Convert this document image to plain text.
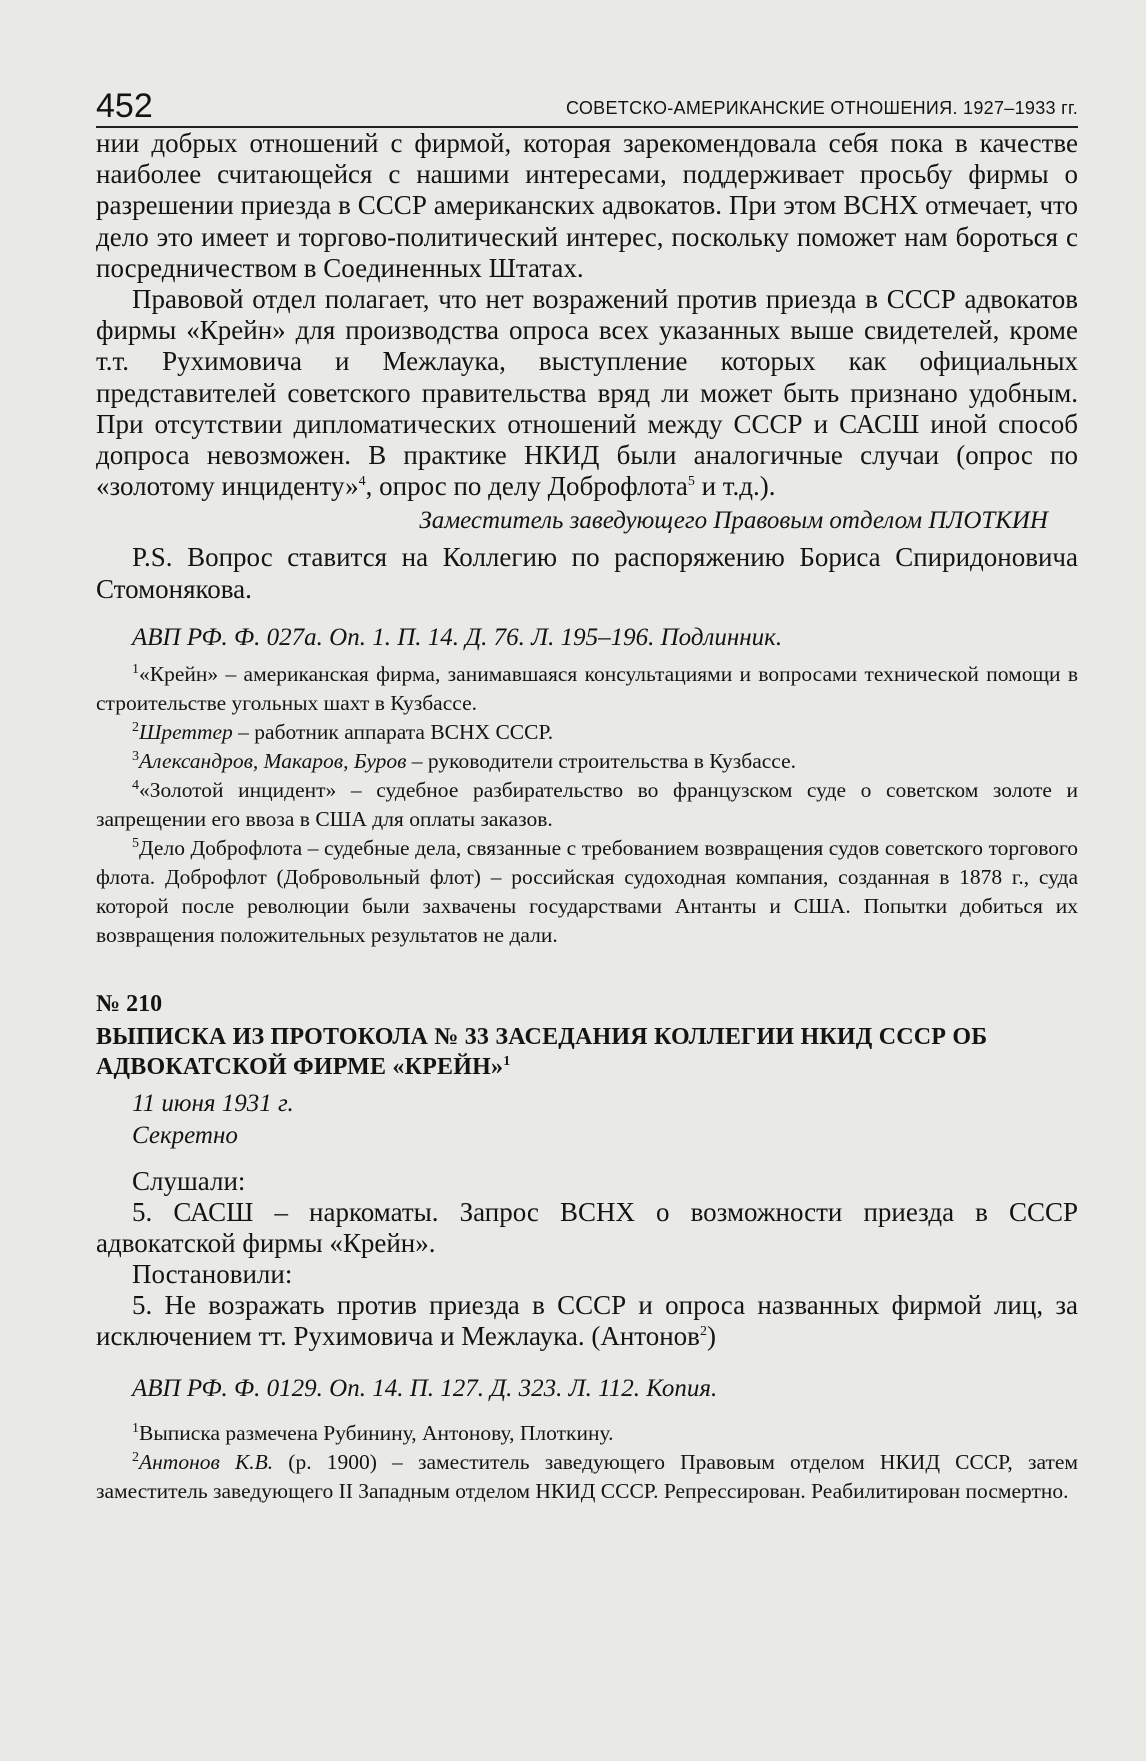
452	СОВЕТСКО-АМЕРИКАНСКИЕ ОТНОШЕНИЯ. 1927–1933 гг.

нии добрых отношений с фирмой, которая зарекомендовала себя пока в качестве наиболее считающейся с нашими интересами, поддерживает просьбу фирмы о разрешении приезда в СССР американских адвокатов. При этом ВСНХ отмечает, что дело это имеет и торгово-политический интерес, поскольку поможет нам бороться с посредничеством в Соединенных Штатах.

Правовой отдел полагает, что нет возражений против приезда в СССР адвокатов фирмы «Крейн» для производства опроса всех указанных выше свидетелей, кроме т.т. Рухимовича и Межлаука, выступление которых как официальных представителей советского правительства вряд ли может быть признано удобным. При отсутствии дипломатических отношений между СССР и САСШ иной способ допроса невозможен. В практике НКИД были аналогичные случаи (опрос по «золотому инциденту»$^4$, опрос по делу Доброфлота$^5$ и т.д.).

Заместитель заведующего Правовым отделом ПЛОТКИН

P.S. Вопрос ставится на Коллегию по распоряжению Бориса Спиридоновича Стомонякова.

АВП РФ. Ф. 027а. Оп. 1. П. 14. Д. 76. Л. 195–196. Подлинник.

$^1$«Крейн» – американская фирма, занимавшаяся консультациями и вопросами технической помощи в строительстве угольных шахт в Кузбассе.

$^2$Шреттер – работник аппарата ВСНХ СССР.

$^3$Александров, Макаров, Буров – руководители строительства в Кузбассе.

$^4$«Золотой инцидент» – судебное разбирательство во французском суде о советском золоте и запрещении его ввоза в США для оплаты заказов.

$^5$Дело Доброфлота – судебные дела, связанные с требованием возвращения судов советского торгового флота. Доброфлот (Добровольный флот) – российская судоходная компания, созданная в 1878 г., суда которой после революции были захвачены государствами Антанты и США. Попытки добиться их возвращения положительных результатов не дали.

№ 210

ВЫПИСКА ИЗ ПРОТОКОЛА № 33 ЗАСЕДАНИЯ КОЛЛЕГИИ НКИД СССР ОБ АДВОКАТСКОЙ ФИРМЕ «КРЕЙН»$^1$

11 июня 1931 г.

Секретно

Слушали:

5. САСШ – наркоматы. Запрос ВСНХ о возможности приезда в СССР адвокатской фирмы «Крейн».

Постановили:

5. Не возражать против приезда в СССР и опроса названных фирмой лиц, за исключением тт. Рухимовича и Межлаука. (Антонов$^2$)

АВП РФ. Ф. 0129. Оп. 14. П. 127. Д. 323. Л. 112. Копия.

$^1$Выписка размечена Рубинину, Антонову, Плоткину.

$^2$Антонов К.В. (р. 1900) – заместитель заведующего Правовым отделом НКИД СССР, затем заместитель заведующего II Западным отделом НКИД СССР. Репрессирован. Реабилитирован посмертно.
